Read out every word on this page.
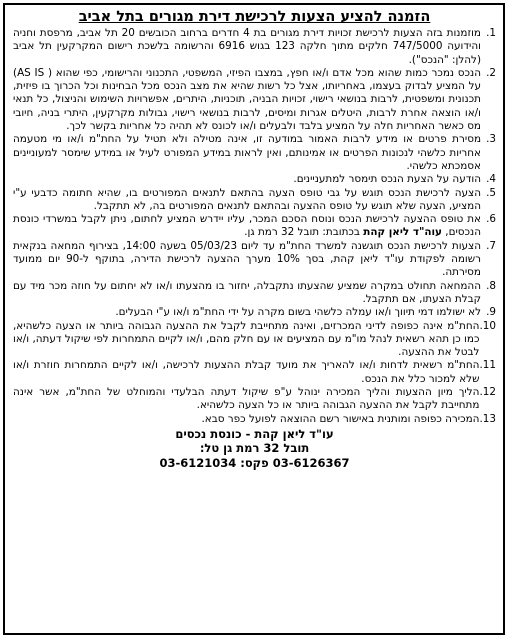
הזמנה להציע הצעות לרכישת דירת מגורים בתל אביב
1.
מוזמנות בזה הצעות לרכישת זכויות דירת מגורים בת 4 חדרים ברחוב הכובשים 20 תל אביב, מרפסת וחניה והידועה 747/5000 חלקים מתוך חלקה 123 בגוש 6916 והרשומה בלשכת רישום המקרקעין תל אביב (להלן: "הנכס").
2.
הנכס נמכר כמות שהוא מכל אדם ו/או חפץ, במצבו הפיזי, המשפטי, התכנוני והרישומי, כפי שהוא ( AS IS) על המציע לבדוק בעצמו, באחריותו, אצל כל רשות שהיא את מצב הנכס מכל הבחינות וכל הכרוך בו פיזית, תכנונית ומשפטית, לרבות בנושאי רישוי, זכויות הבניה, תוכניות, היתרים, אפשרויות השימוש והניצול, כל תנאי ו/או הוצאה אחרת לרבות, היטלים אגרות ומיסים, לרבות בנושאי רישוי, גבולות מקרקעין, היתרי בניה, חיובי מס כאשר האחריות חלה על המציע בלבד ולבעלים ו/או לכונס לא תהיה כל אחריות בקשר לכך.
3.
מסירת פרטים או מידע לרבות האמור במודעה זו, אינה מטילה ולא תטיל על החת"מ ו/או מי מטעמה אחריות כלשהי לנכונות הפרטים או אמינותם, ואין לראות במידע המפורט לעיל או במידע שימסר למעוניינים אסמכתא כלשהי.
4.
הודעה על הצעת הנכס תימסר למתעניינים.
5.
הצעה לרכישת הנכס תוגש על גבי טופס הצעה בהתאם לתנאים המפורטים בו, שהיא חתומה כדבעי ע"י המציע, הצעה שלא תוגש על טופס ההצעה ובהתאם לתנאים המפורטים בה, לא תתקבל.
6.
את טופס ההצעה לרכישת הנכס ונוסח הסכם המכר, עליו יידרש המציע לחתום, ניתן לקבל במשרדי כונסת הנכסים, עוה"ד ליאן קהת בכתובת: תובל 32 רמת גן.
7.
הצעות לרכישת הנכס תוגשנה למשרד החת"מ עד ליום 05/03/23 בשעה 14:00, בצירוף המחאה בנקאית רשומה לפקודת עו"ד ליאן קהת, בסך 10% מערך ההצעה לרכישת הדירה, בתוקף ל-90 יום ממועד מסירתה.
8.
ההמחאה תחולט במקרה שמציע שהצעתו נתקבלה, יחזור בו מהצעתו ו/או לא יחתום על חוזה מכר מיד עם קבלת הצעתו, אם תתקבל.
9.
לא ישולמו דמי תיווך ו/או עמלה כלשהי בשום מקרה על ידי החת"מ ו/או ע"י הבעלים.
10.
החת"מ אינה כפופה לדיני המכרזים, ואינה מתחייבת לקבל את ההצעה הגבוהה ביותר או הצעה כלשהיא, כמו כן תהא רשאית לנהל מו"מ עם המציעים או עם חלק מהם, ו/או לקיים התמחרות לפי שיקול דעתה, ו/או לבטל את ההצעה.
11.
החת"מ רשאית לדחות ו/או להאריך את מועד קבלת ההצעות לרכישה, ו/או לקיים התמחרות חוזרת ו/או שלא למכור כלל את הנכס.
12.
הליך מיון ההצעות והליך המכירה ינוהל ע"פ שיקול דעתה הבלעדי והמוחלט של החת"מ, אשר אינה מתחייבת לקבל את ההצעה הגבוהה ביותר או כל הצעה כלשהיא.
13.
המכירה כפופה ומותנית באישור רשם ההוצאה לפועל כפר סבא.
עו"ד ליאן קהת - כונסת נכסים
תובל 32 רמת גן טל:
03-6126367 פקס: 03-6121034
